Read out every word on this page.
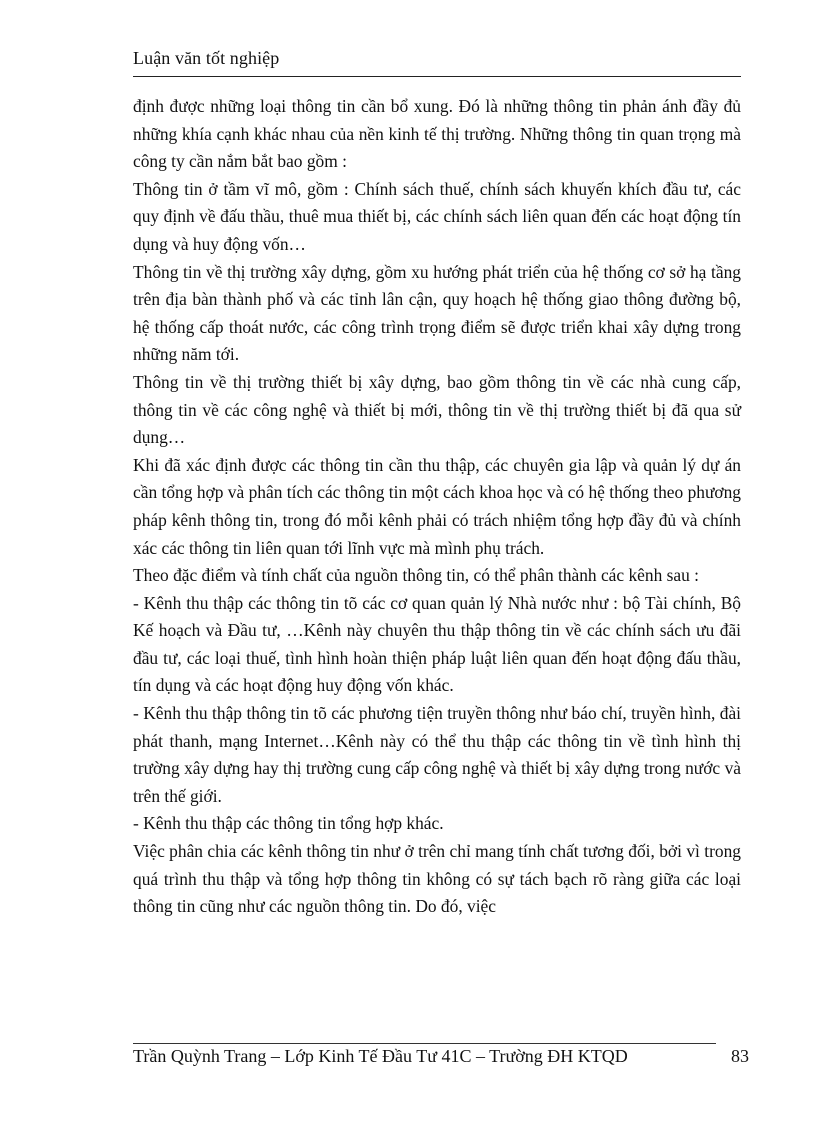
Luận văn tốt nghiệp

định được những loại thông tin cần bổ xung. Đó là những thông tin phản ánh đầy đủ những khía cạnh khác nhau của nền kinh tế thị trường. Những thông tin quan trọng mà công ty cần nắm bắt bao gồm :

Thông tin ở tầm vĩ mô, gồm : Chính sách thuế, chính sách khuyến khích đầu tư, các quy định về đấu thầu, thuê mua thiết bị, các chính sách liên quan đến các hoạt động tín dụng và huy động vốn…

Thông tin về thị trường xây dựng, gồm xu hướng phát triển của hệ thống cơ sở hạ tầng trên địa bàn thành phố và các tỉnh lân cận, quy hoạch hệ thống giao thông đường bộ, hệ thống cấp thoát nước, các công trình trọng điểm sẽ được triển khai xây dựng trong những năm tới.

Thông tin về thị trường thiết bị xây dựng, bao gồm thông tin về các nhà cung cấp, thông tin về các công nghệ và thiết bị mới, thông tin về thị trường thiết bị đã qua sử dụng…

Khi đã xác định được các thông tin cần thu thập, các chuyên gia lập và quản lý dự án cần tổng hợp và phân tích các thông tin một cách khoa học và có hệ thống theo phương pháp kênh thông tin, trong đó mỗi kênh phải có trách nhiệm tổng hợp đầy đủ và chính xác các thông tin liên quan tới lĩnh vực mà mình phụ trách.

Theo đặc điểm và tính chất của nguồn thông tin, có thể phân thành các kênh sau :

- Kênh thu thập các thông tin tõ các cơ quan quản lý Nhà nước như : bộ Tài chính, Bộ Kế hoạch và Đầu tư, …Kênh này chuyên thu thập thông tin về các chính sách ưu đãi đầu tư, các loại thuế, tình hình hoàn thiện pháp luật liên quan đến hoạt động đấu thầu, tín dụng và các hoạt động huy động vốn khác.

- Kênh thu thập thông tin tõ các phương tiện truyền thông như báo chí, truyền hình, đài phát thanh, mạng Internet…Kênh này có thể thu thập các thông tin về tình hình thị trường xây dựng hay thị trường cung cấp công nghệ và thiết bị xây dựng trong nước và trên thế giới.

- Kênh thu thập các thông tin tổng hợp khác.

Việc phân chia các kênh thông tin như ở trên chỉ mang tính chất tương đối, bởi vì trong quá trình thu thập và tổng hợp thông tin không có sự tách bạch rõ ràng giữa các loại thông tin cũng như các nguồn thông tin. Do đó, việc

Trần Quỳnh Trang – Lớp Kinh Tế Đầu Tư 41C – Trường ĐH KTQD	83
